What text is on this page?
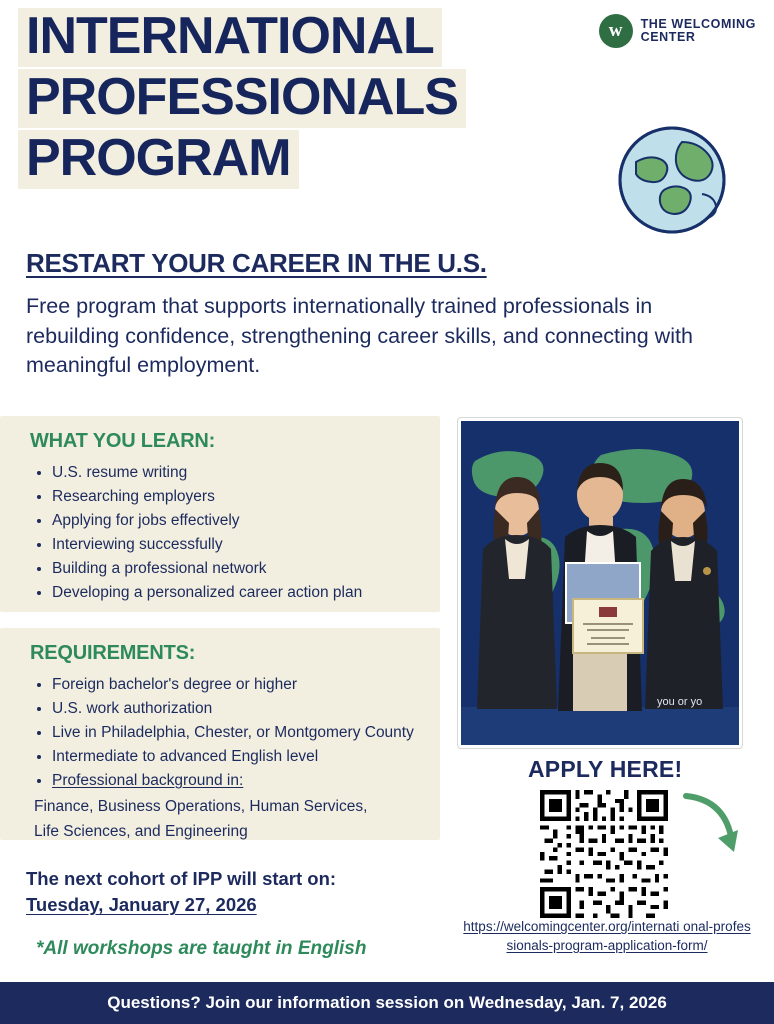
INTERNATIONAL
PROFESSIONALS
PROGRAM
w	THE WELCOMING
CENTER
RESTART YOUR CAREER IN THE U.S.
Free program that supports internationally trained professionals in rebuilding confidence, strengthening career skills, and connecting with meaningful employment.
WHAT YOU LEARN:
• U.S. resume writing
• Researching employers
• Applying for jobs effectively
• Interviewing successfully
• Building a professional network
• Developing a personalized career action plan
REQUIREMENTS:
• Foreign bachelor's degree or higher
• U.S. work authorization
• Live in Philadelphia, Chester, or Montgomery County
• Intermediate to advanced English level
• Professional background in:
Finance, Business Operations, Human Services,
Life Sciences, and Engineering
you or yo
APPLY HERE!
https://welcomingcenter.org/internati onal-professionals-program-application-form/
The next cohort of IPP will start on:
Tuesday, January 27, 2026
*All workshops are taught in English
Questions? Join our information session on Wednesday, Jan. 7, 2026
